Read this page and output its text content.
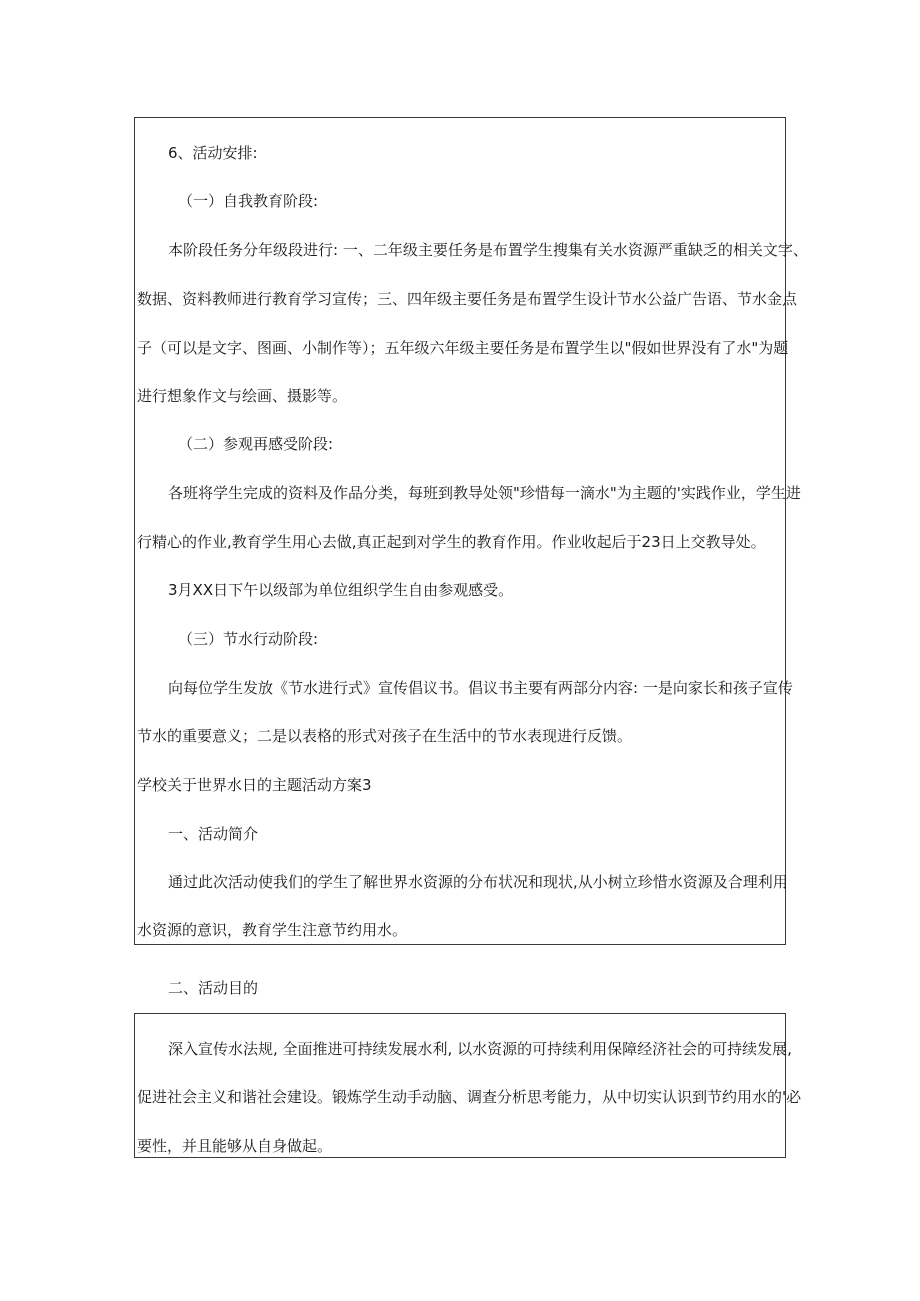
6、活动安排:
（一）自我教育阶段:
本阶段任务分年级段进行: 一、二年级主要任务是布置学生搜集有关水资源严重缺乏的相关文字、
数据、资料教师进行教育学习宣传；三、四年级主要任务是布置学生设计节水公益广告语、节水金点
子（可以是文字、图画、小制作等）；五年级六年级主要任务是布置学生以"假如世界没有了水"为题
进行想象作文与绘画、摄影等。
（二）参观再感受阶段:
各班将学生完成的资料及作品分类，每班到教导处领"珍惜每一滴水"为主题的'实践作业，学生进
行精心的作业,教育学生用心去做,真正起到对学生的教育作用。作业收起后于23日上交教导处。
3月XX日下午以级部为单位组织学生自由参观感受。
（三）节水行动阶段:
向每位学生发放《节水进行式》宣传倡议书。倡议书主要有两部分内容: 一是向家长和孩子宣传
节水的重要意义；二是以表格的形式对孩子在生活中的节水表现进行反馈。
学校关于世界水日的主题活动方案3
一、活动简介
通过此次活动使我们的学生了解世界水资源的分布状况和现状,从小树立珍惜水资源及合理利用
水资源的意识，教育学生注意节约用水。
二、活动目的
深入宣传水法规, 全面推进可持续发展水利, 以水资源的可持续利用保障经济社会的可持续发展,
促进社会主义和谐社会建设。锻炼学生动手动脑、调查分析思考能力，从中切实认识到节约用水的'必
要性，并且能够从自身做起。
